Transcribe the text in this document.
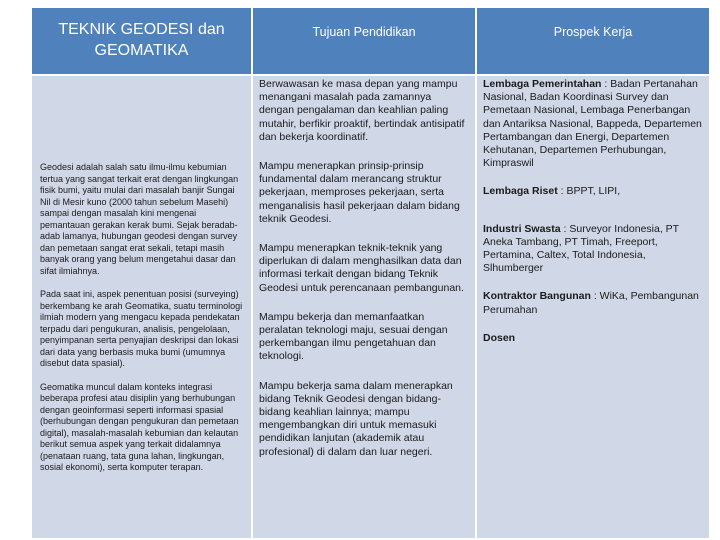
TEKNIK GEODESI dan GEOMATIKA
Tujuan Pendidikan	Prospek Kerja

Geodesi adalah salah satu ilmu-ilmu kebumian tertua yang sangat terkait erat dengan lingkungan fisik bumi, yaitu mulai dari masalah banjir Sungai Nil di Mesir kuno (2000 tahun sebelum Masehi) sampai dengan masalah kini mengenai pemantauan gerakan kerak bumi. Sejak beradab-adab lamanya, hubungan geodesi dengan survey dan pemetaan sangat erat sekali, tetapi masih banyak orang yang belum mengetahui dasar dan sifat ilmiahnya.

Pada saat ini, aspek penentuan posisi (surveying) berkembang ke arah Geomatika, suatu terminologi ilmiah modern yang mengacu kepada pendekatan terpadu dari pengukuran, analisis, pengelolaan, penyimpanan serta penyajian deskripsi dan lokasi dari data yang berbasis muka bumi (umumnya disebut data spasial).

Geomatika muncul dalam konteks integrasi beberapa profesi atau disiplin yang berhubungan dengan geoinformasi seperti informasi spasial (berhubungan dengan pengukuran dan pemetaan digital), masalah-masalah kebumian dan kelautan berikut semua aspek yang terkait didalamnya (penataan ruang, tata guna lahan, lingkungan, sosial ekonomi), serta komputer terapan.

Berwawasan ke masa depan yang mampu menangani masalah pada zamannya dengan pengalaman dan keahlian paling mutahir, berfikir proaktif, bertindak antisipatif dan bekerja koordinatif.

Mampu menerapkan prinsip-prinsip fundamental dalam merancang struktur pekerjaan, memproses pekerjaan, serta menganalisis hasil pekerjaan dalam bidang teknik Geodesi.

Mampu menerapkan teknik-teknik yang diperlukan di dalam menghasilkan data dan informasi terkait dengan bidang Teknik Geodesi untuk perencanaan pembangunan.

Mampu bekerja dan memanfaatkan peralatan teknologi maju, sesuai dengan perkembangan ilmu pengetahuan dan teknologi.

Mampu bekerja sama dalam menerapkan bidang Teknik Geodesi dengan bidang-bidang keahlian lainnya; mampu mengembangkan diri untuk memasuki pendidikan lanjutan (akademik atau profesional) di dalam dan luar negeri.

Lembaga Pemerintahan : Badan Pertanahan Nasional, Badan Koordinasi Survey dan Pemetaan Nasional, Lembaga Penerbangan dan Antariksa Nasional, Bappeda, Departemen Pertambangan dan Energi, Departemen Kehutanan, Departemen Perhubungan, Kimpraswil

Lembaga Riset : BPPT, LIPI,

Industri Swasta : Surveyor Indonesia, PT Aneka Tambang, PT Timah, Freeport, Pertamina, Caltex, Total Indonesia, Slhumberger

Kontraktor Bangunan : WiKa, Pembangunan Perumahan

Dosen
